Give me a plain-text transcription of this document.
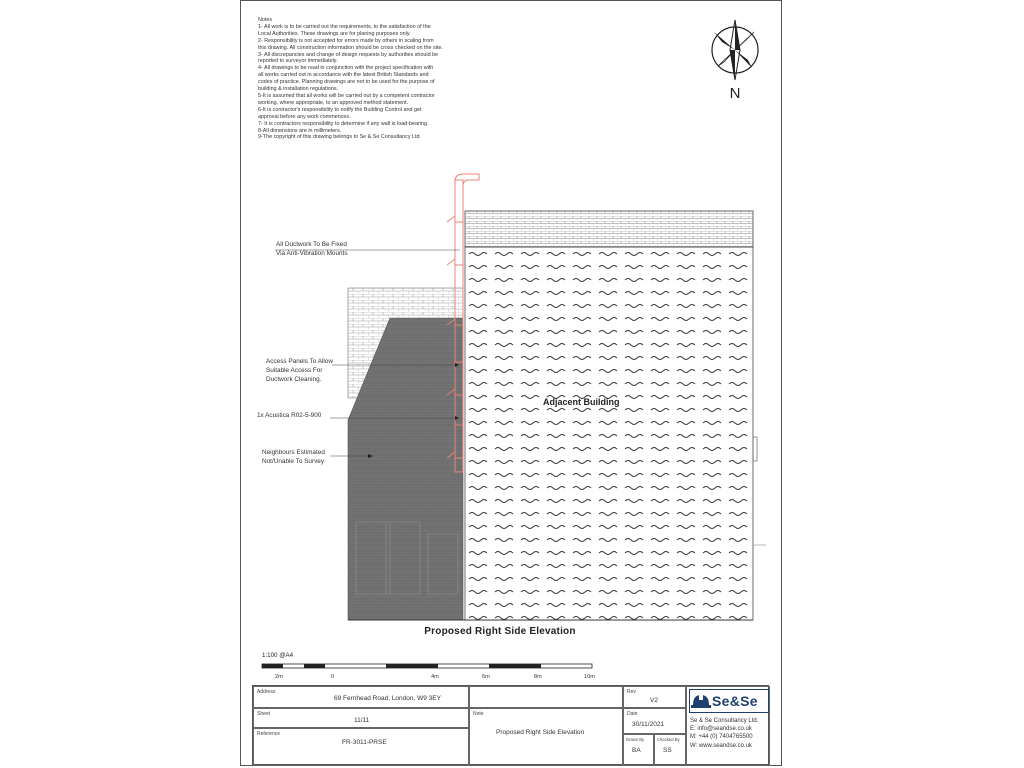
Notes
1- All work is to be carried out the requirements, to the satisfaction of the
Local Authorities. These drawings are for planing purposes only.
2- Responsibility is not accepted for errors made by others in scaling from
this drawing. All construction information should be cross checked on the site.
3- All discrepancies and change of design requests by authorities should be
reported to surveyor immediately.
4- All drawings to be read in conjunction with the project specification with
all works carried out in accordance with the latest British Standards and
codes of practice. Planning drawings are not to be used for the purpose of
building & installation regulations.
5-It is assumed that all works will be carried out by a competent contractor
working, where appropriate, to an approved method statement.
6-It is contractor's responsibility to notify the Building Control and get
approval before any work commences.
7- It is contractors responsibility to determine if any wall is load-bearing.
8-All dimensions are in millimeters.
9-The copyright of this drawing belongs to Se & Se Consultancy Ltd.
N
All Ductwork To Be Fixed
Via Anti-Vibration Mounts
Access Panels To Allow
Suitable Access For
Ductwork Cleaning.
1x Acustica R02-5-900
Neighbours Estimated
Not/Unable To Survey
Adjacent Building
Proposed Right Side Elevation
1:100 @A4
2m	0	4m	6m	8m	10m
Address
69 Fernhead Road, London, W9 3EY
Sheet
11/11
Reference
FR-3011-PRSE
Note
Proposed Right Side Elevation
Rev
V2
Date
30/11/2021
Drawn By
BA
Checked By
SS
Se&Se
Se & Se Consultancy Ltd.
E: info@seandse.co.uk
M: +44 (0) 7404765500
W: www.seandse.co.uk
